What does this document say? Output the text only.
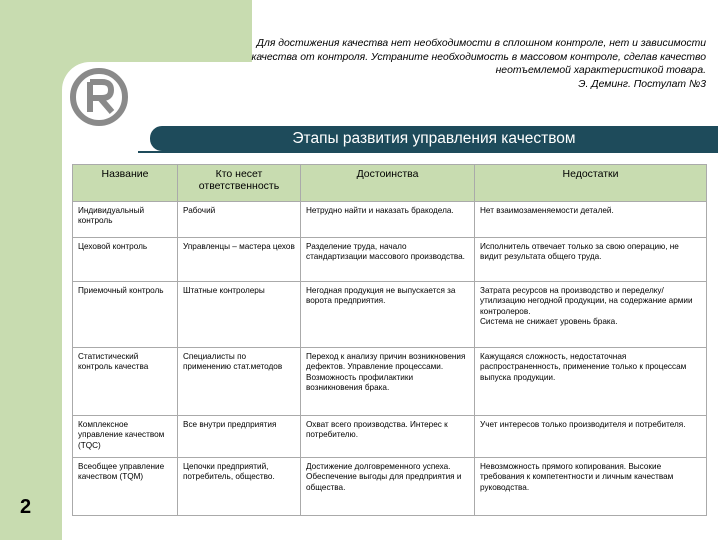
Для достижения качества нет необходимости в сплошном контроле, нет и зависимости качества от контроля. Устраните необходимость в массовом контроле, сделав качество неотъемлемой характеристикой товара.
Э. Деминг. Постулат №3
Этапы развития управления качеством
Название	Кто несет ответственность	Достоинства	Недостатки
Индивидуальный контроль	Рабочий	Нетрудно найти и наказать бракодела.	Нет взаимозаменяемости деталей.
Цеховой контроль	Управленцы – мастера цехов	Разделение труда, начало стандартизации массового производства.	Исполнитель отвечает только за свою операцию, не видит результата общего труда.
Приемочный контроль	Штатные контролеры	Негодная продукция не выпускается за ворота предприятия.	Затрата ресурсов на производство и переделку/утилизацию негодной продукции, на содержание армии контролеров.
Система не снижает уровень брака.
Статистический контроль качества	Специалисты по применению стат.методов	Переход к анализу причин возникновения дефектов. Управление процессами. Возможность профилактики возникновения брака.	Кажущаяся сложность, недостаточная распространенность, применение только к процессам выпуска продукции.
Комплексное управление качеством (TQC)	Все внутри предприятия	Охват всего производства. Интерес к потребителю.	Учет интересов только производителя и потребителя.
Всеобщее управление качеством (TQM)	Цепочки предприятий, потребитель, общество.	Достижение долговременного успеха. Обеспечение выгоды для предприятия и общества.	Невозможность прямого копирования. Высокие требования к компетентности и личным качествам руководства.
2
